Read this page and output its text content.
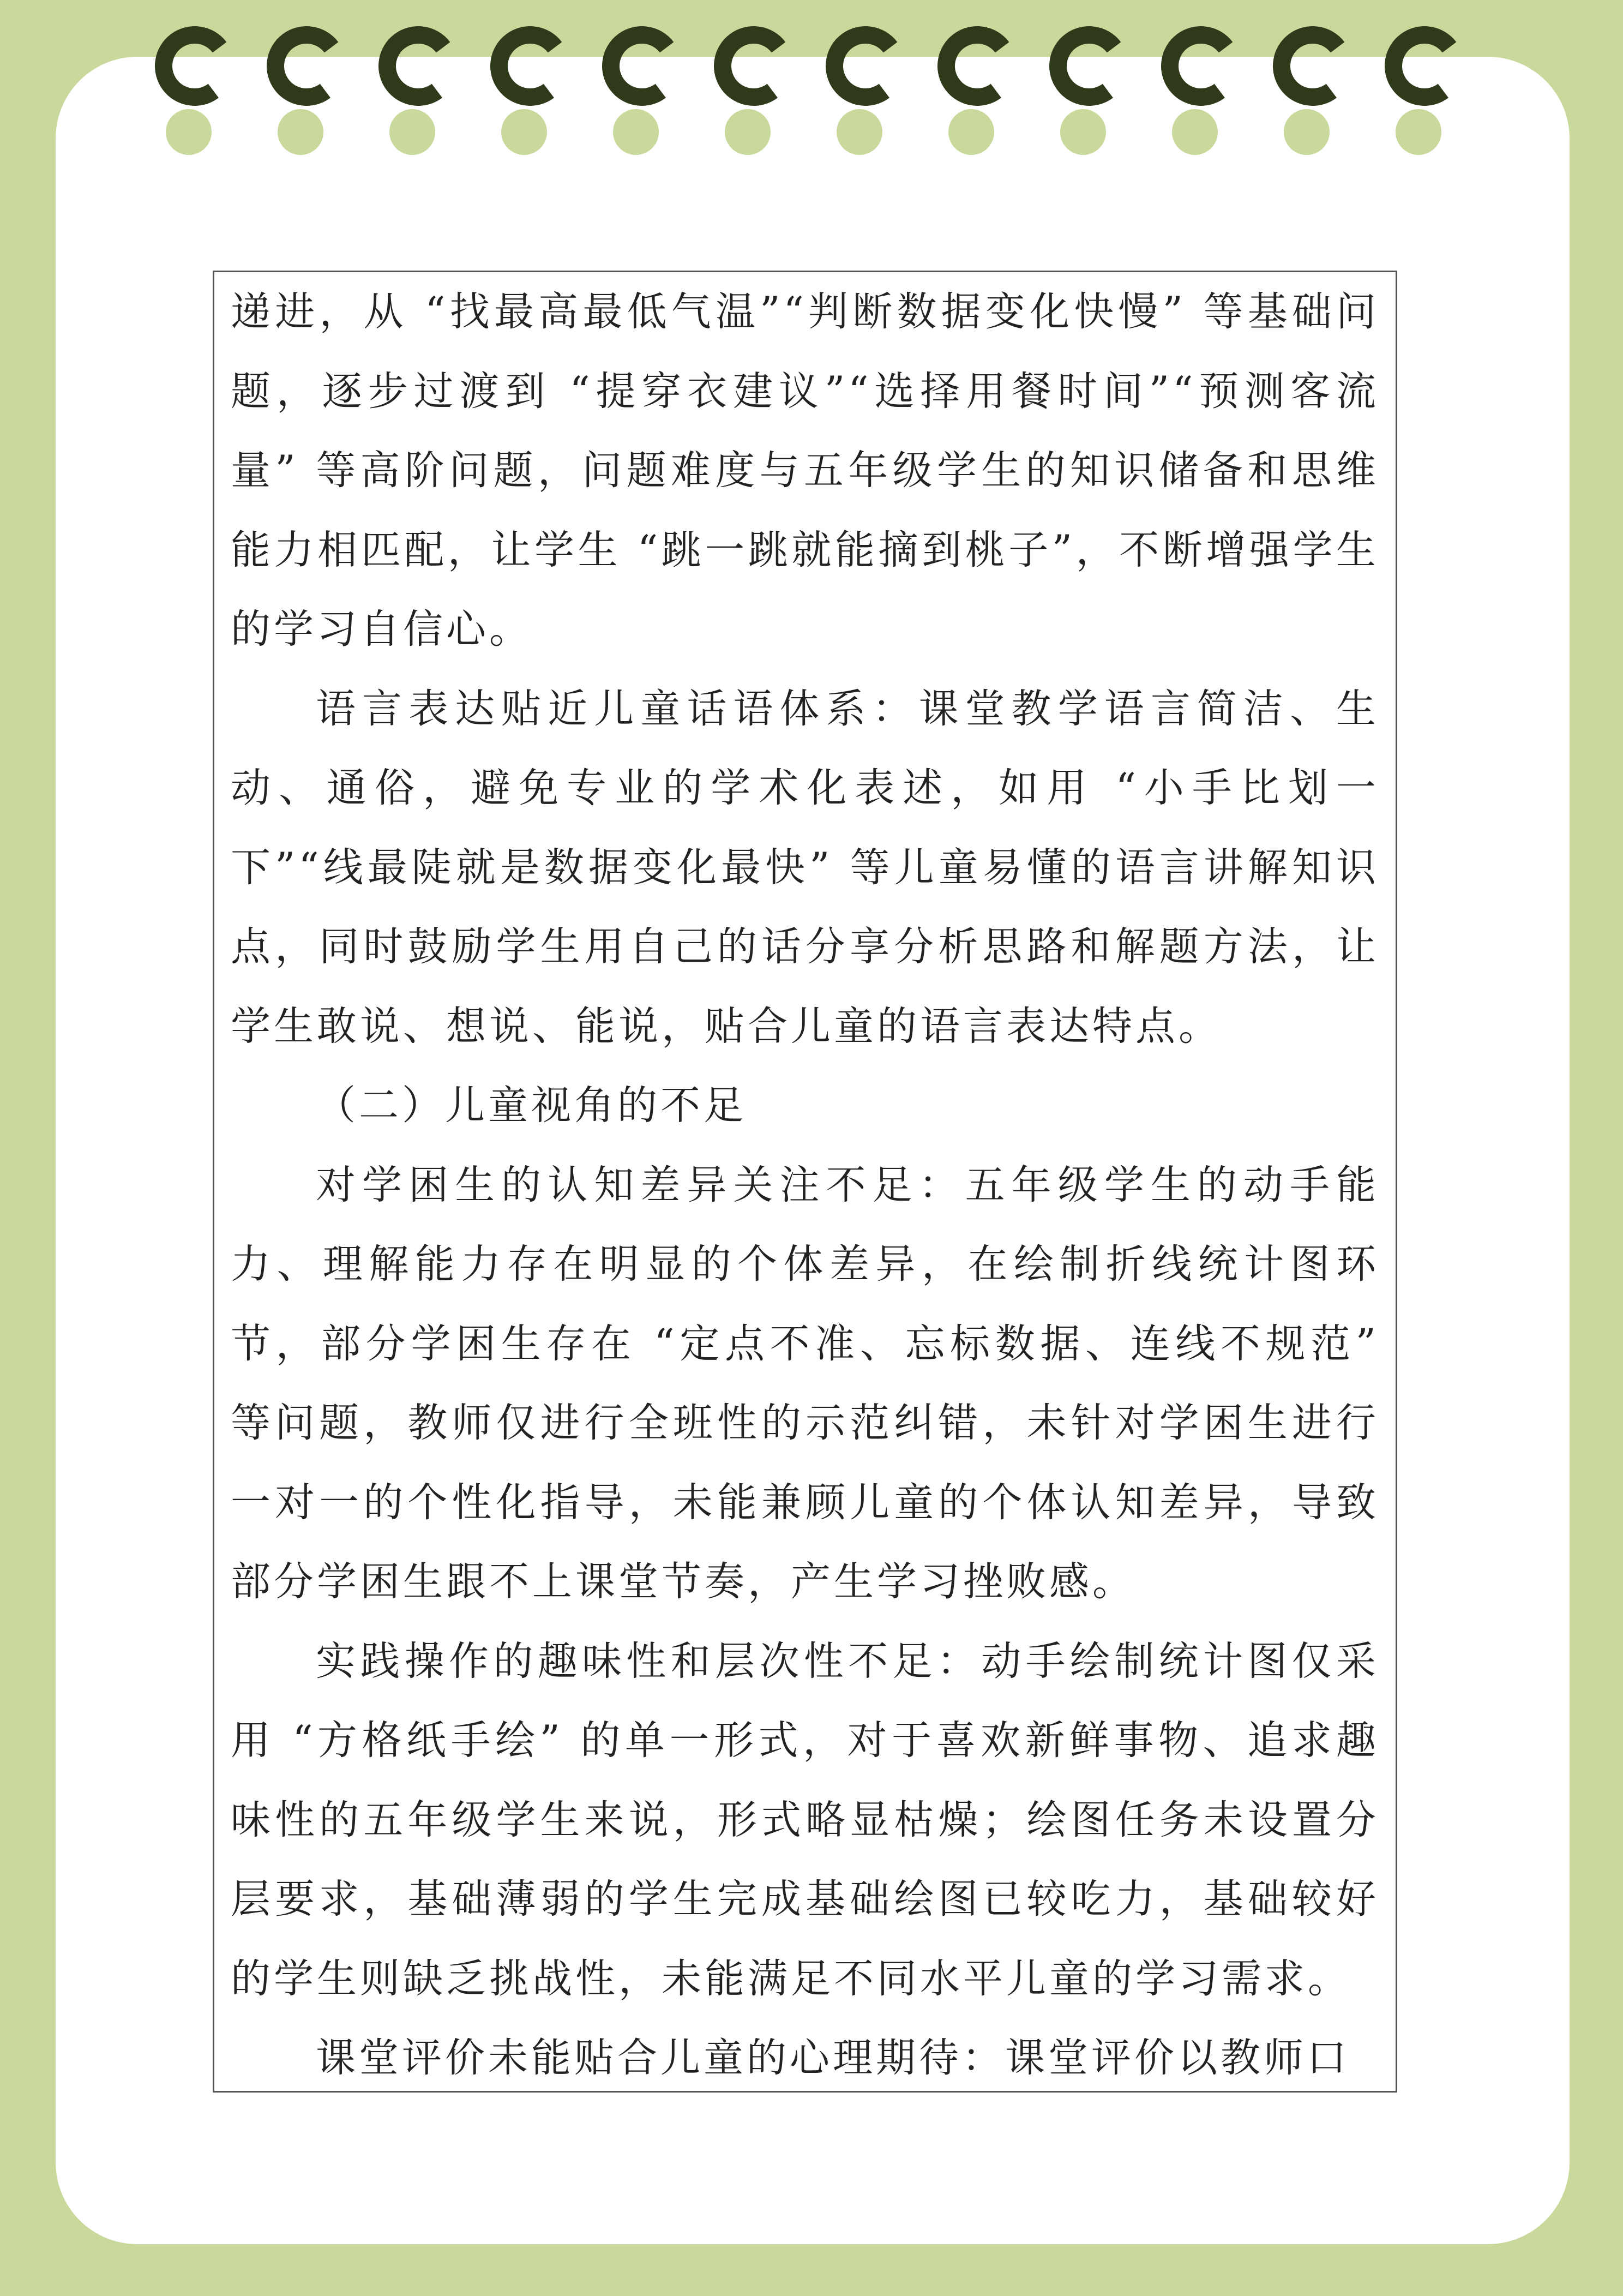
递进，从 “找最高最低气温”“判断数据变化快慢” 等基础问题，逐步过渡到 “提穿衣建议”“选择用餐时间”“预测客流量” 等高阶问题，问题难度与五年级学生的知识储备和思维能力相匹配，让学生 “跳一跳就能摘到桃子”，不断增强学生的学习自信心。

语言表达贴近儿童话语体系：课堂教学语言简洁、生动、通俗，避免专业的学术化表述，如用 “小手比划一下”“线最陡就是数据变化最快” 等儿童易懂的语言讲解知识点，同时鼓励学生用自己的话分享分析思路和解题方法，让学生敢说、想说、能说，贴合儿童的语言表达特点。

（二）儿童视角的不足

对学困生的认知差异关注不足：五年级学生的动手能力、理解能力存在明显的个体差异，在绘制折线统计图环节，部分学困生存在 “定点不准、忘标数据、连线不规范” 等问题，教师仅进行全班性的示范纠错，未针对学困生进行一对一的个性化指导，未能兼顾儿童的个体认知差异，导致部分学困生跟不上课堂节奏，产生学习挫败感。

实践操作的趣味性和层次性不足：动手绘制统计图仅采用 “方格纸手绘” 的单一形式，对于喜欢新鲜事物、追求趣味性的五年级学生来说，形式略显枯燥；绘图任务未设置分层要求，基础薄弱的学生完成基础绘图已较吃力，基础较好的学生则缺乏挑战性，未能满足不同水平儿童的学习需求。

课堂评价未能贴合儿童的心理期待：课堂评价以教师口
